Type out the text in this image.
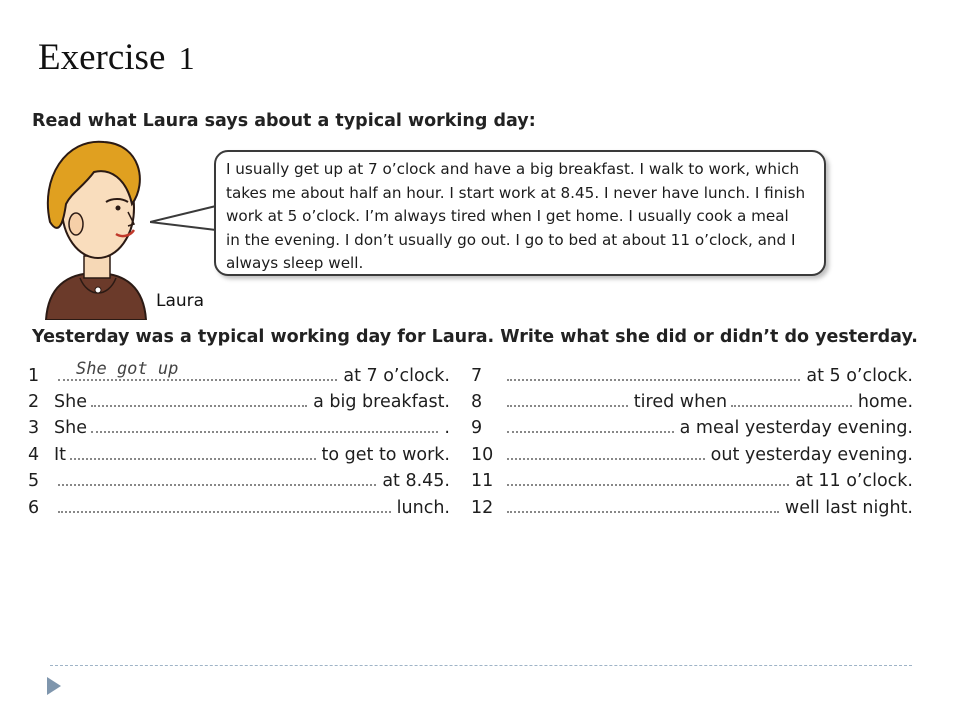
Exercise 1
Read what Laura says about a typical working day:
Laura
I usually get up at 7 o’clock and have a big breakfast. I walk to work, which
takes me about half an hour. I start work at 8.45. I never have lunch. I finish
work at 5 o’clock. I’m always tired when I get home. I usually cook a meal
in the evening. I don’t usually go out. I go to bed at about 11 o’clock, and I
always sleep well.
Yesterday was a typical working day for Laura. Write what she did or didn’t do yesterday.
1	She got up	at 7 o’clock.
2 She	a big breakfast.
3 She	.
4 It	to get to work.
5	at 8.45.
6	lunch.
7	at 5 o’clock.
8	tired when	home.
9	a meal yesterday evening.
10	out yesterday evening.
11	at 11 o’clock.
12	well last night.
